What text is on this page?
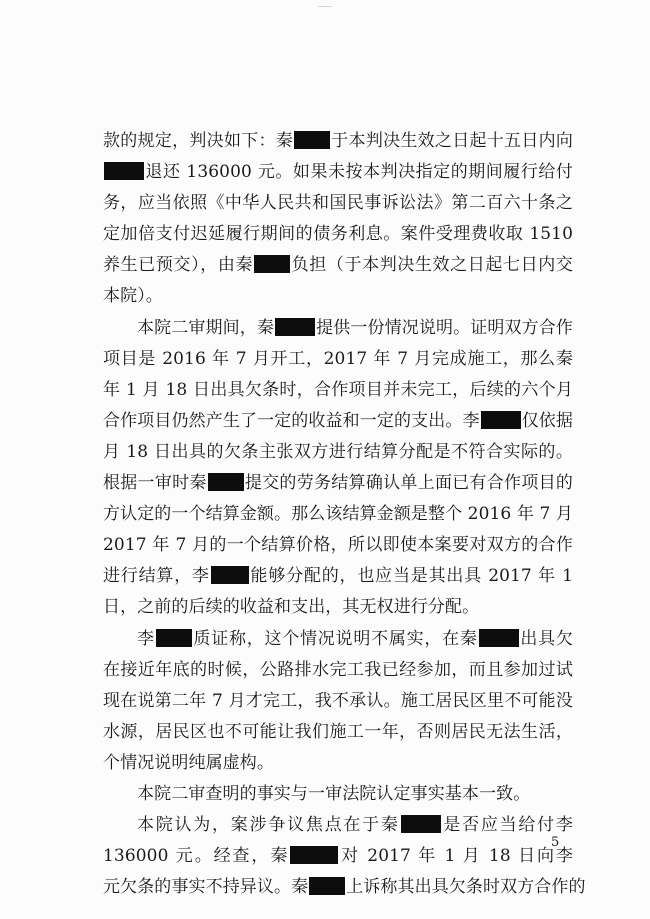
款的规定，判决如下：秦 于本判决生效之日起十五日内向
退还 136000 元。如果未按本判决指定的期间履行给付
务，应当依照《中华人民共和国民事诉讼法》第二百六十条之
定加倍支付迟延履行期间的债务利息。案件受理费收取 1510
养生已预交），由秦 负担（于本判决生效之日起七日内交
本院）。
本院二审期间，秦 提供一份情况说明。证明双方合作
项目是 2016 年 7 月开工，2017 年 7 月完成施工，那么秦
年 1 月 18 日出具欠条时，合作项目并未完工，后续的六个月
合作项目仍然产生了一定的收益和一定的支出。李 仅依据
月 18 日出具的欠条主张双方进行结算分配是不符合实际的。
根据一审时秦 提交的劳务结算确认单上面已有合作项目的
方认定的一个结算金额。那么该结算金额是整个 2016 年 7 月
2017 年 7 月的一个结算价格，所以即使本案要对双方的合作
进行结算，李 能够分配的，也应当是其出具 2017 年 1
日，之前的后续的收益和支出，其无权进行分配。
李 质证称，这个情况说明不属实，在秦 出具欠
在接近年底的时候，公路排水完工我已经参加，而且参加过试
现在说第二年 7 月才完工，我不承认。施工居民区里不可能没
水源，居民区也不可能让我们施工一年，否则居民无法生活，
个情况说明纯属虚构。
本院二审查明的事实与一审法院认定事实基本一致。
本院认为，案涉争议焦点在于秦 是否应当给付李
136000 元。经查，秦	对 2017 年 1 月 18 日向李
元欠条的事实不持异议。秦 上诉称其出具欠条时双方合作的
5
